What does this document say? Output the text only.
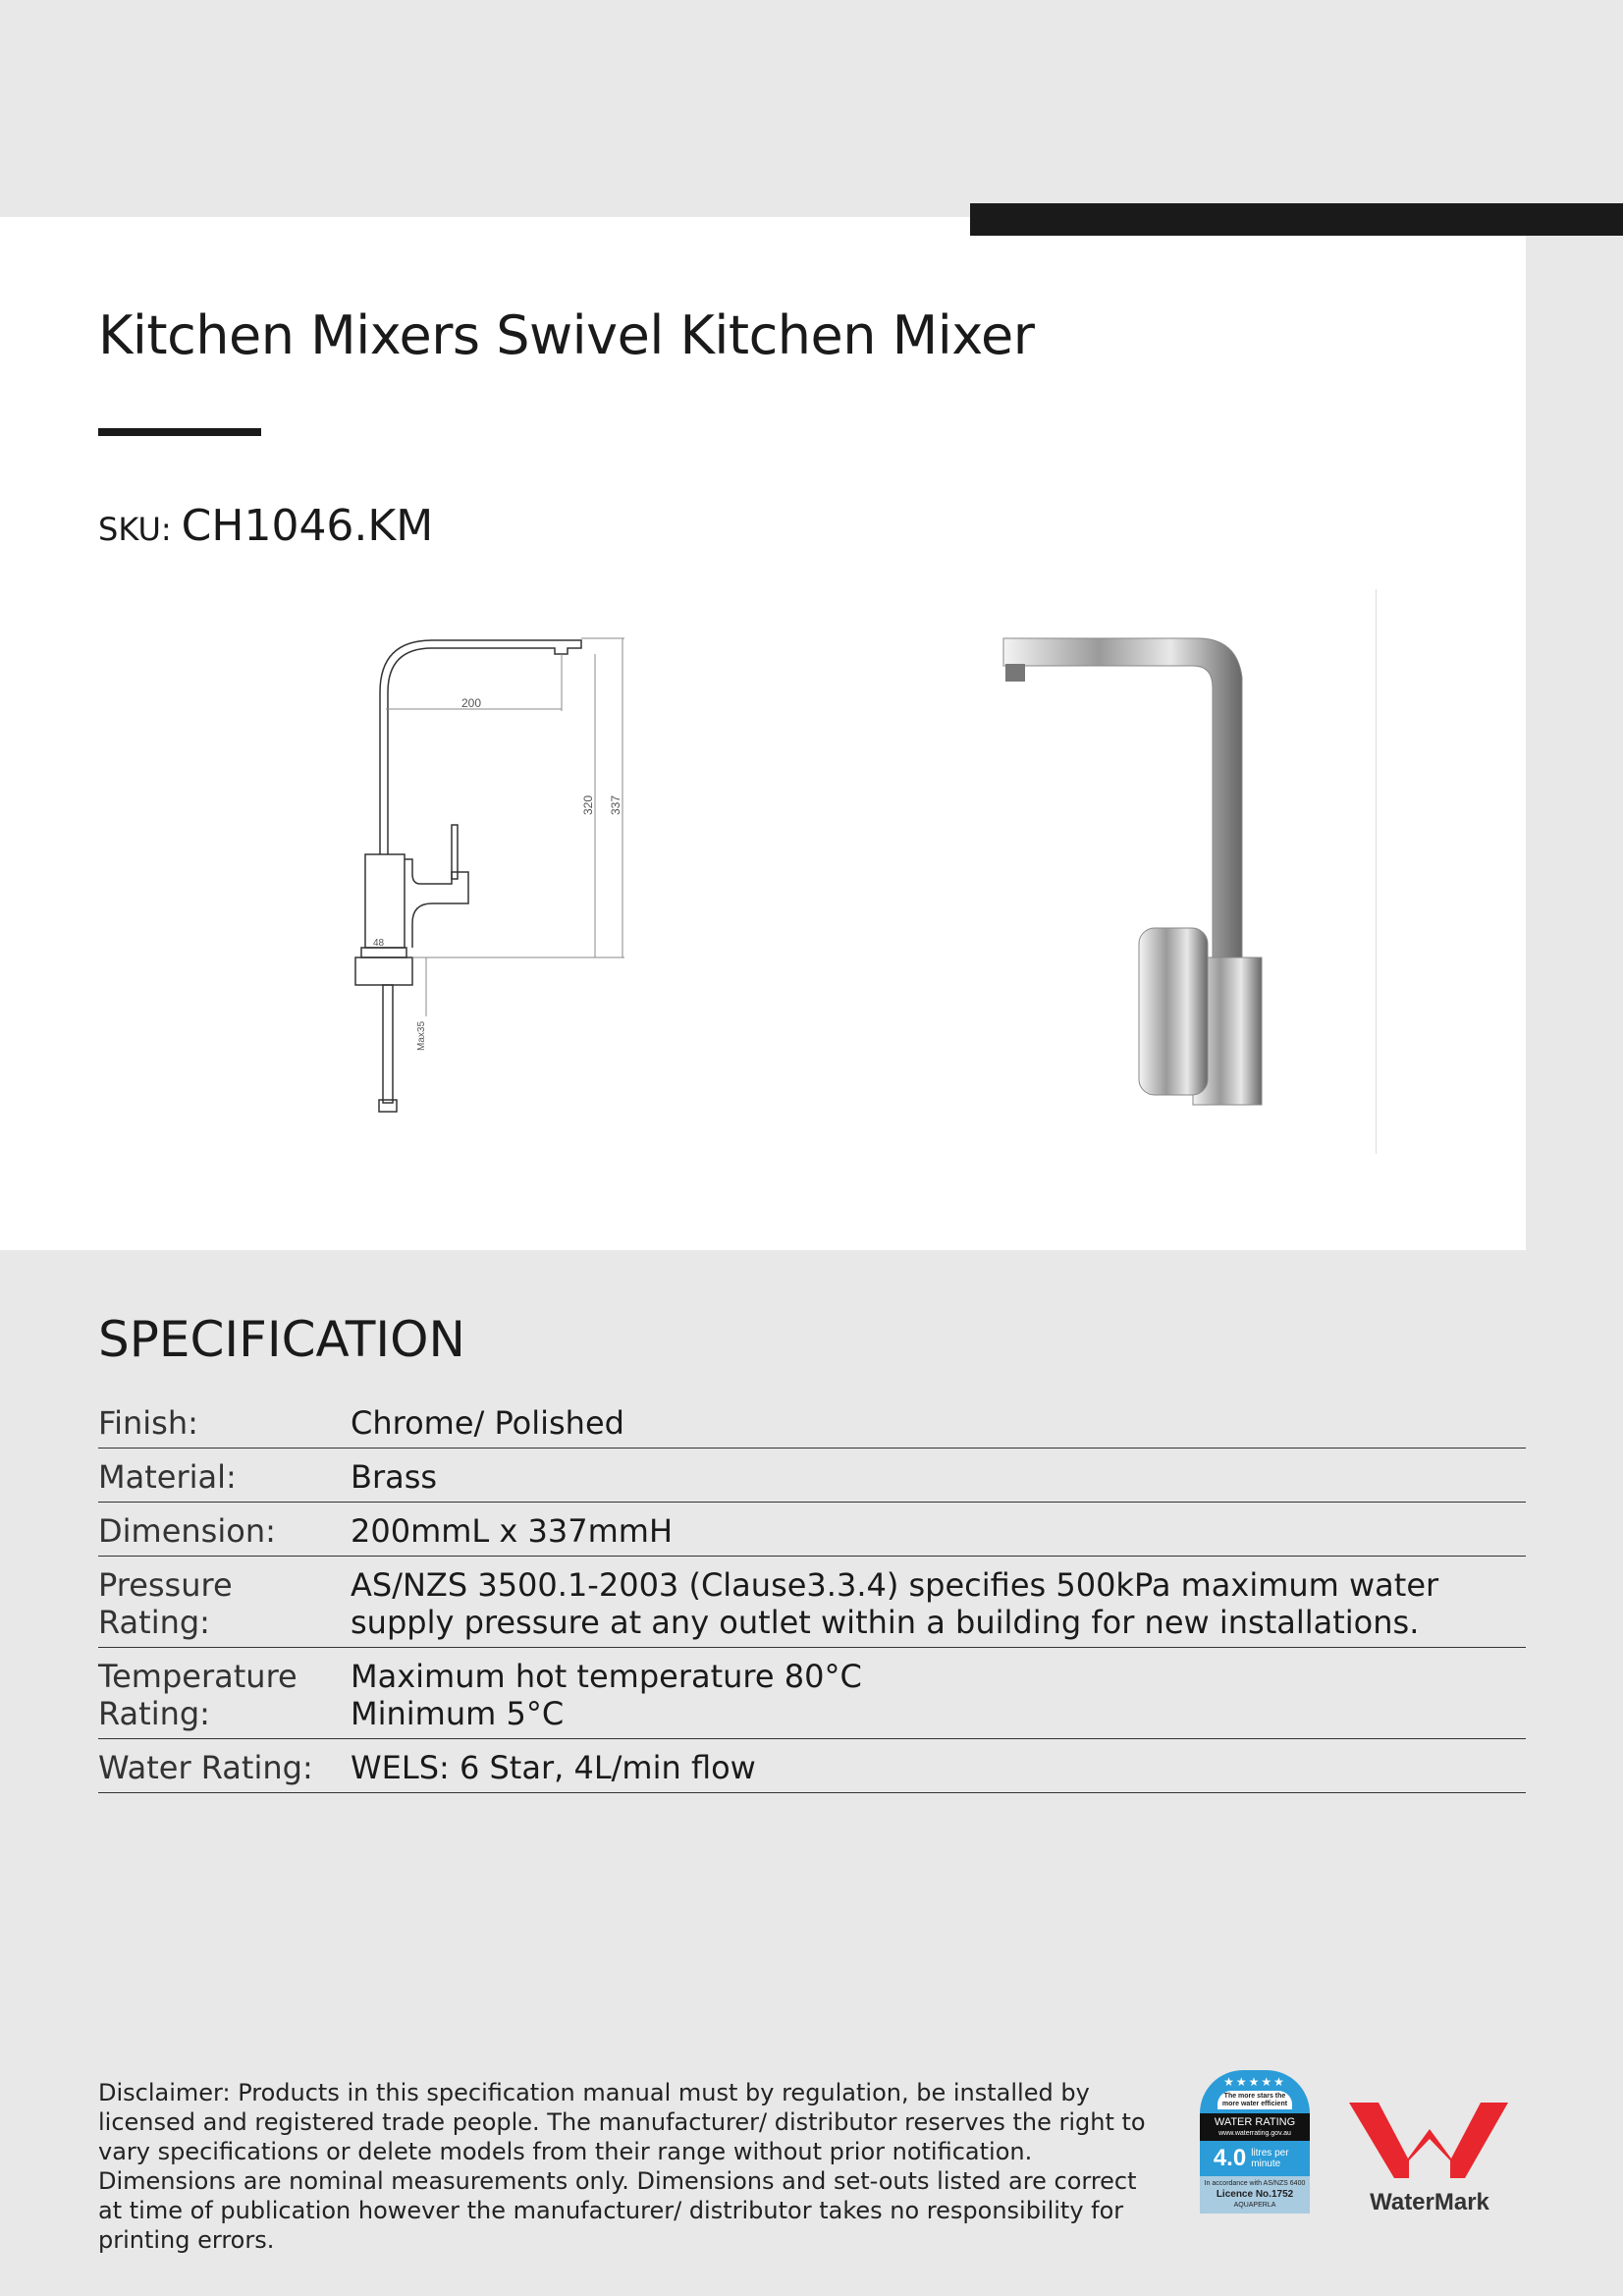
Kitchen Mixers Swivel Kitchen Mixer
SKU: CH1046.KM
200
320 337
48
Max35
SPECIFICATION
Finish:	Chrome/ Polished
Material:	Brass
Dimension:	200mmL x 337mmH
Pressure Rating:
AS/NZS 3500.1-2003 (Clause3.3.4) specifies 500kPa maximum water supply pressure at any outlet within a building for new installations.
Temperature Rating:
Maximum hot temperature 80°C
Minimum 5°C
Water Rating:	WELS: 6 Star, 4L/min flow
Disclaimer: Products in this specification manual must by regulation, be installed by licensed and registered trade people. The manufacturer/ distributor reserves the right to vary specifications or delete models from their range without prior notification. Dimensions are nominal measurements only. Dimensions and set-outs listed are correct at time of publication however the manufacturer/ distributor takes no responsibility for printing errors.
★★★★★
The more stars the more water efficient
WATER RATING
www.waterrating.gov.au
4.0 litres per minute
In accordance with AS/NZS 6400
Licence No.1752
AQUAPERLA	WaterMark
